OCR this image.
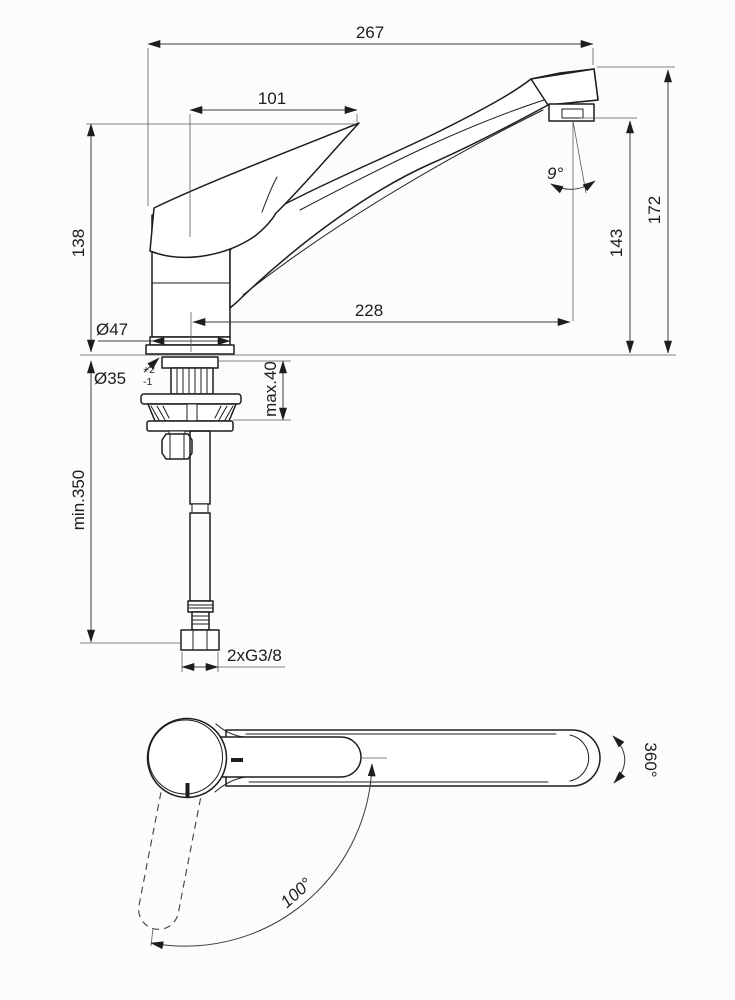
267
101
138
min.350
172
143
228
Ø47
Ø35 +2
-1	max.40
9°
2xG3/8
100°
360°
